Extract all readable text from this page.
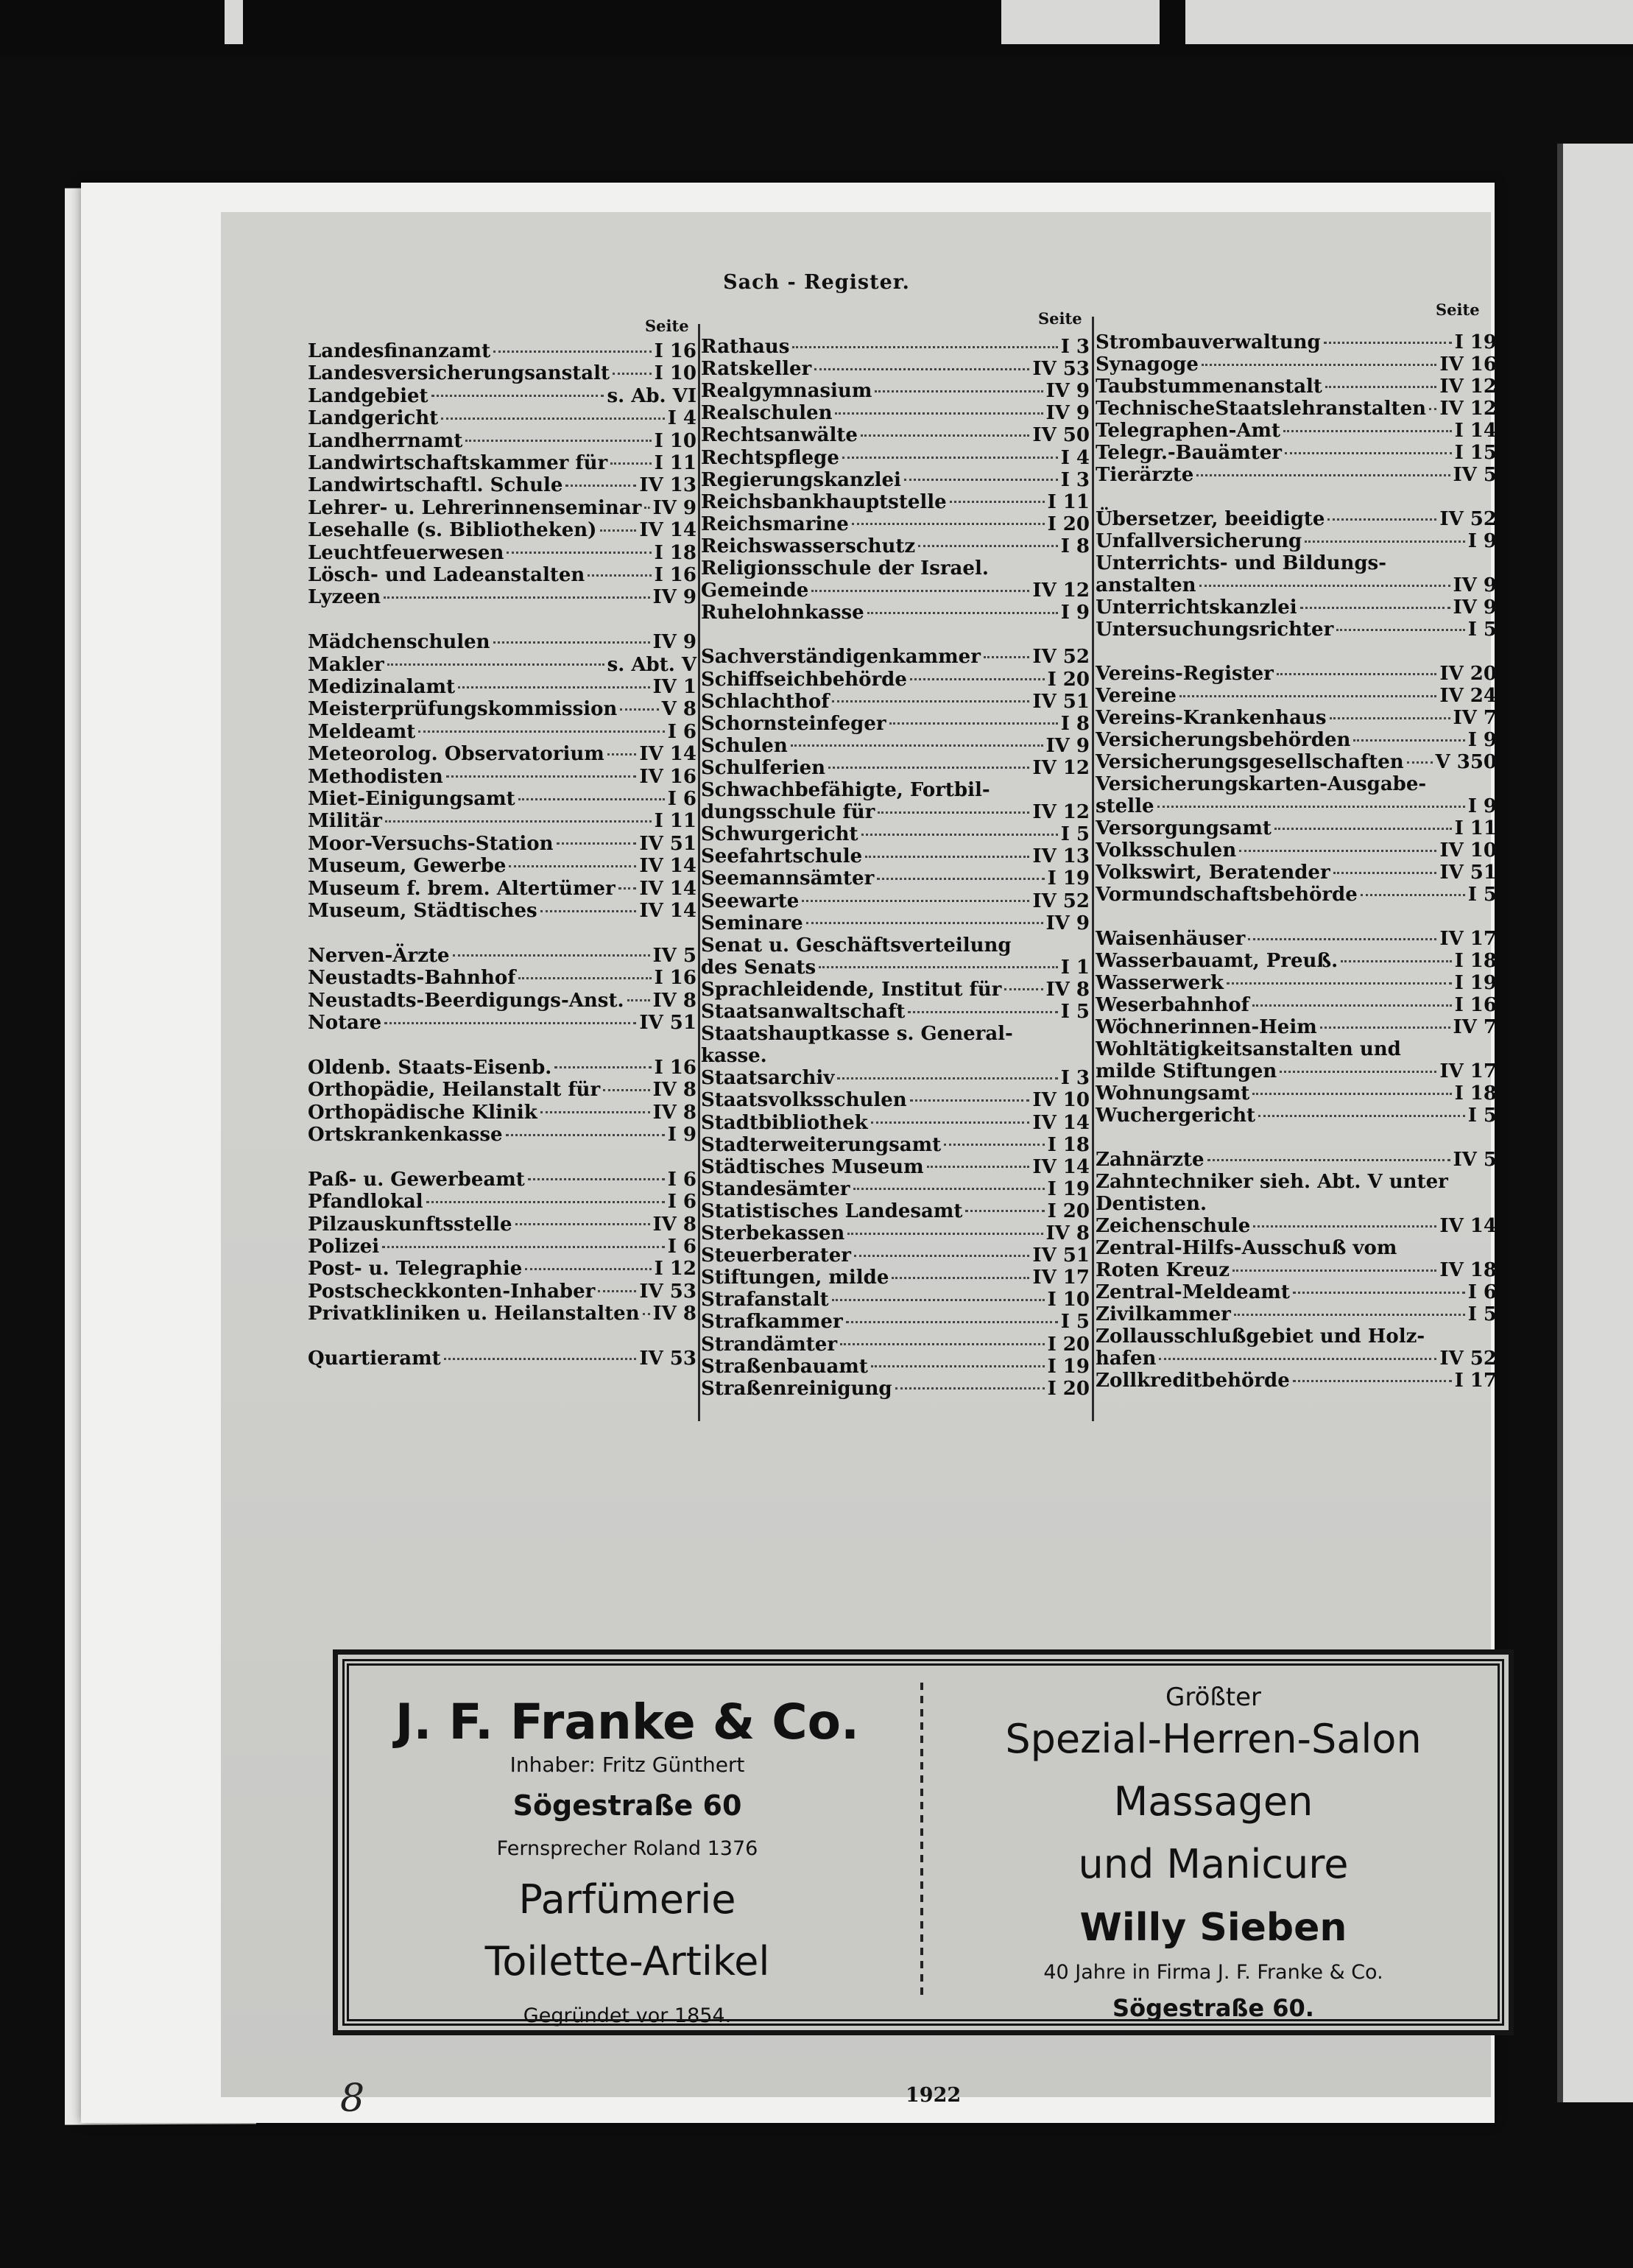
Sach - Register.
Seite	Seite	Seite
Landesfinanzamt	I 16
Landesversicherungsanstalt I 10
Landgebiet	s. Ab. VI
Landgericht	I 4
Landherrnamt	I 10
Landwirtschaftskammer für I 11
Landwirtschaftl. Schule	IV 13
Lehrer- u. Lehrerinnenseminar IV 9
Lesehalle (s. Bibliotheken) IV 14
Leuchtfeuerwesen	I 18
Lösch- und Ladeanstalten	I 16
Lyzeen	IV 9
Mädchenschulen	IV 9
Makler	s. Abt. V
Medizinalamt	IV 1
Meisterprüfungskommission V 8
Meldeamt	I 6
Meteorolog. Observatorium IV 14
Methodisten	IV 16
Miet-Einigungsamt	I 6
Militär	I 11
Moor-Versuchs-Station	IV 51
Museum, Gewerbe	IV 14
Museum f. brem. Altertümer IV 14
Museum, Städtisches	IV 14
Nerven-Ärzte	IV 5
Neustadts-Bahnhof	I 16
Neustadts-Beerdigungs-Anst. IV 8
Notare	IV 51
Oldenb. Staats-Eisenb.	I 16
Orthopädie, Heilanstalt für	IV 8
Orthopädische Klinik	IV 8
Ortskrankenkasse	I 9
Paß- u. Gewerbeamt	I 6
Pfandlokal	I 6
Pilzauskunftsstelle	IV 8
Polizei	I 6
Post- u. Telegraphie	I 12
Postscheckkonten-Inhaber IV 53
Privatkliniken u. Heilanstalten IV 8
Quartieramt	IV 53
Rathaus	I 3
Ratskeller	IV 53
Realgymnasium	IV 9
Realschulen	IV 9
Rechtsanwälte	IV 50
Rechtspflege	I 4
Regierungskanzlei	I 3
Reichsbankhauptstelle	I 11
Reichsmarine	I 20
Reichswasserschutz	I 8
Religionsschule der Israel.
Gemeinde	IV 12
Ruhelohnkasse	I 9
Sachverständigenkammer	IV 52
Schiffseichbehörde	I 20
Schlachthof	IV 51
Schornsteinfeger	I 8
Schulen	IV 9
Schulferien	IV 12
Schwachbefähigte, Fortbil-
dungsschule für	IV 12
Schwurgericht	I 5
Seefahrtschule	IV 13
Seemannsämter	I 19
Seewarte	IV 52
Seminare	IV 9
Senat u. Geschäftsverteilung
des Senats	I 1
Sprachleidende, Institut für IV 8
Staatsanwaltschaft	I 5
Staatshauptkasse s. General-
kasse.
Staatsarchiv	I 3
Staatsvolksschulen	IV 10
Stadtbibliothek	IV 14
Stadterweiterungsamt	I 18
Städtisches Museum	IV 14
Standesämter	I 19
Statistisches Landesamt	I 20
Sterbekassen	IV 8
Steuerberater	IV 51
Stiftungen, milde	IV 17
Strafanstalt	I 10
Strafkammer	I 5
Strandämter	I 20
Straßenbauamt	I 19
Straßenreinigung	I 20
Strombauverwaltung	I 19
Synagoge	IV 16
Taubstummenanstalt	IV 12
TechnischeStaatslehranstalten IV 12
Telegraphen-Amt	I 14
Telegr.-Bauämter	I 15
Tierärzte	IV 5
Übersetzer, beeidigte	IV 52
Unfallversicherung	I 9
Unterrichts- und Bildungs-
anstalten	IV 9
Unterrichtskanzlei	IV 9
Untersuchungsrichter	I 5
Vereins-Register	IV 20
Vereine	IV 24
Vereins-Krankenhaus	IV 7
Versicherungsbehörden	I 9
Versicherungsgesellschaften V 350
Versicherungskarten-Ausgabe-
stelle	I 9
Versorgungsamt	I 11
Volksschulen	IV 10
Volkswirt, Beratender	IV 51
Vormundschaftsbehörde	I 5
Waisenhäuser	IV 17
Wasserbauamt, Preuß.	I 18
Wasserwerk	I 19
Weserbahnhof	I 16
Wöchnerinnen-Heim	IV 7
Wohltätigkeitsanstalten und
milde Stiftungen	IV 17
Wohnungsamt	I 18
Wuchergericht	I 5
Zahnärzte	IV 5
Zahntechniker sieh. Abt. V unter
Dentisten.
Zeichenschule	IV 14
Zentral-Hilfs-Ausschuß vom
Roten Kreuz	IV 18
Zentral-Meldeamt	I 6
Zivilkammer	I 5
Zollausschlußgebiet und Holz-
hafen	IV 52
Zollkreditbehörde	I 17
J. F. Franke & Co.
Inhaber: Fritz Günthert
Sögestraße 60
Fernsprecher Roland 1376
Parfümerie
Toilette-Artikel
Gegründet vor 1854.
Größter
Spezial-Herren-Salon
Massagen
und Manicure
Willy Sieben
40 Jahre in Firma J. F. Franke & Co.
Sögestraße 60.
8	1922
